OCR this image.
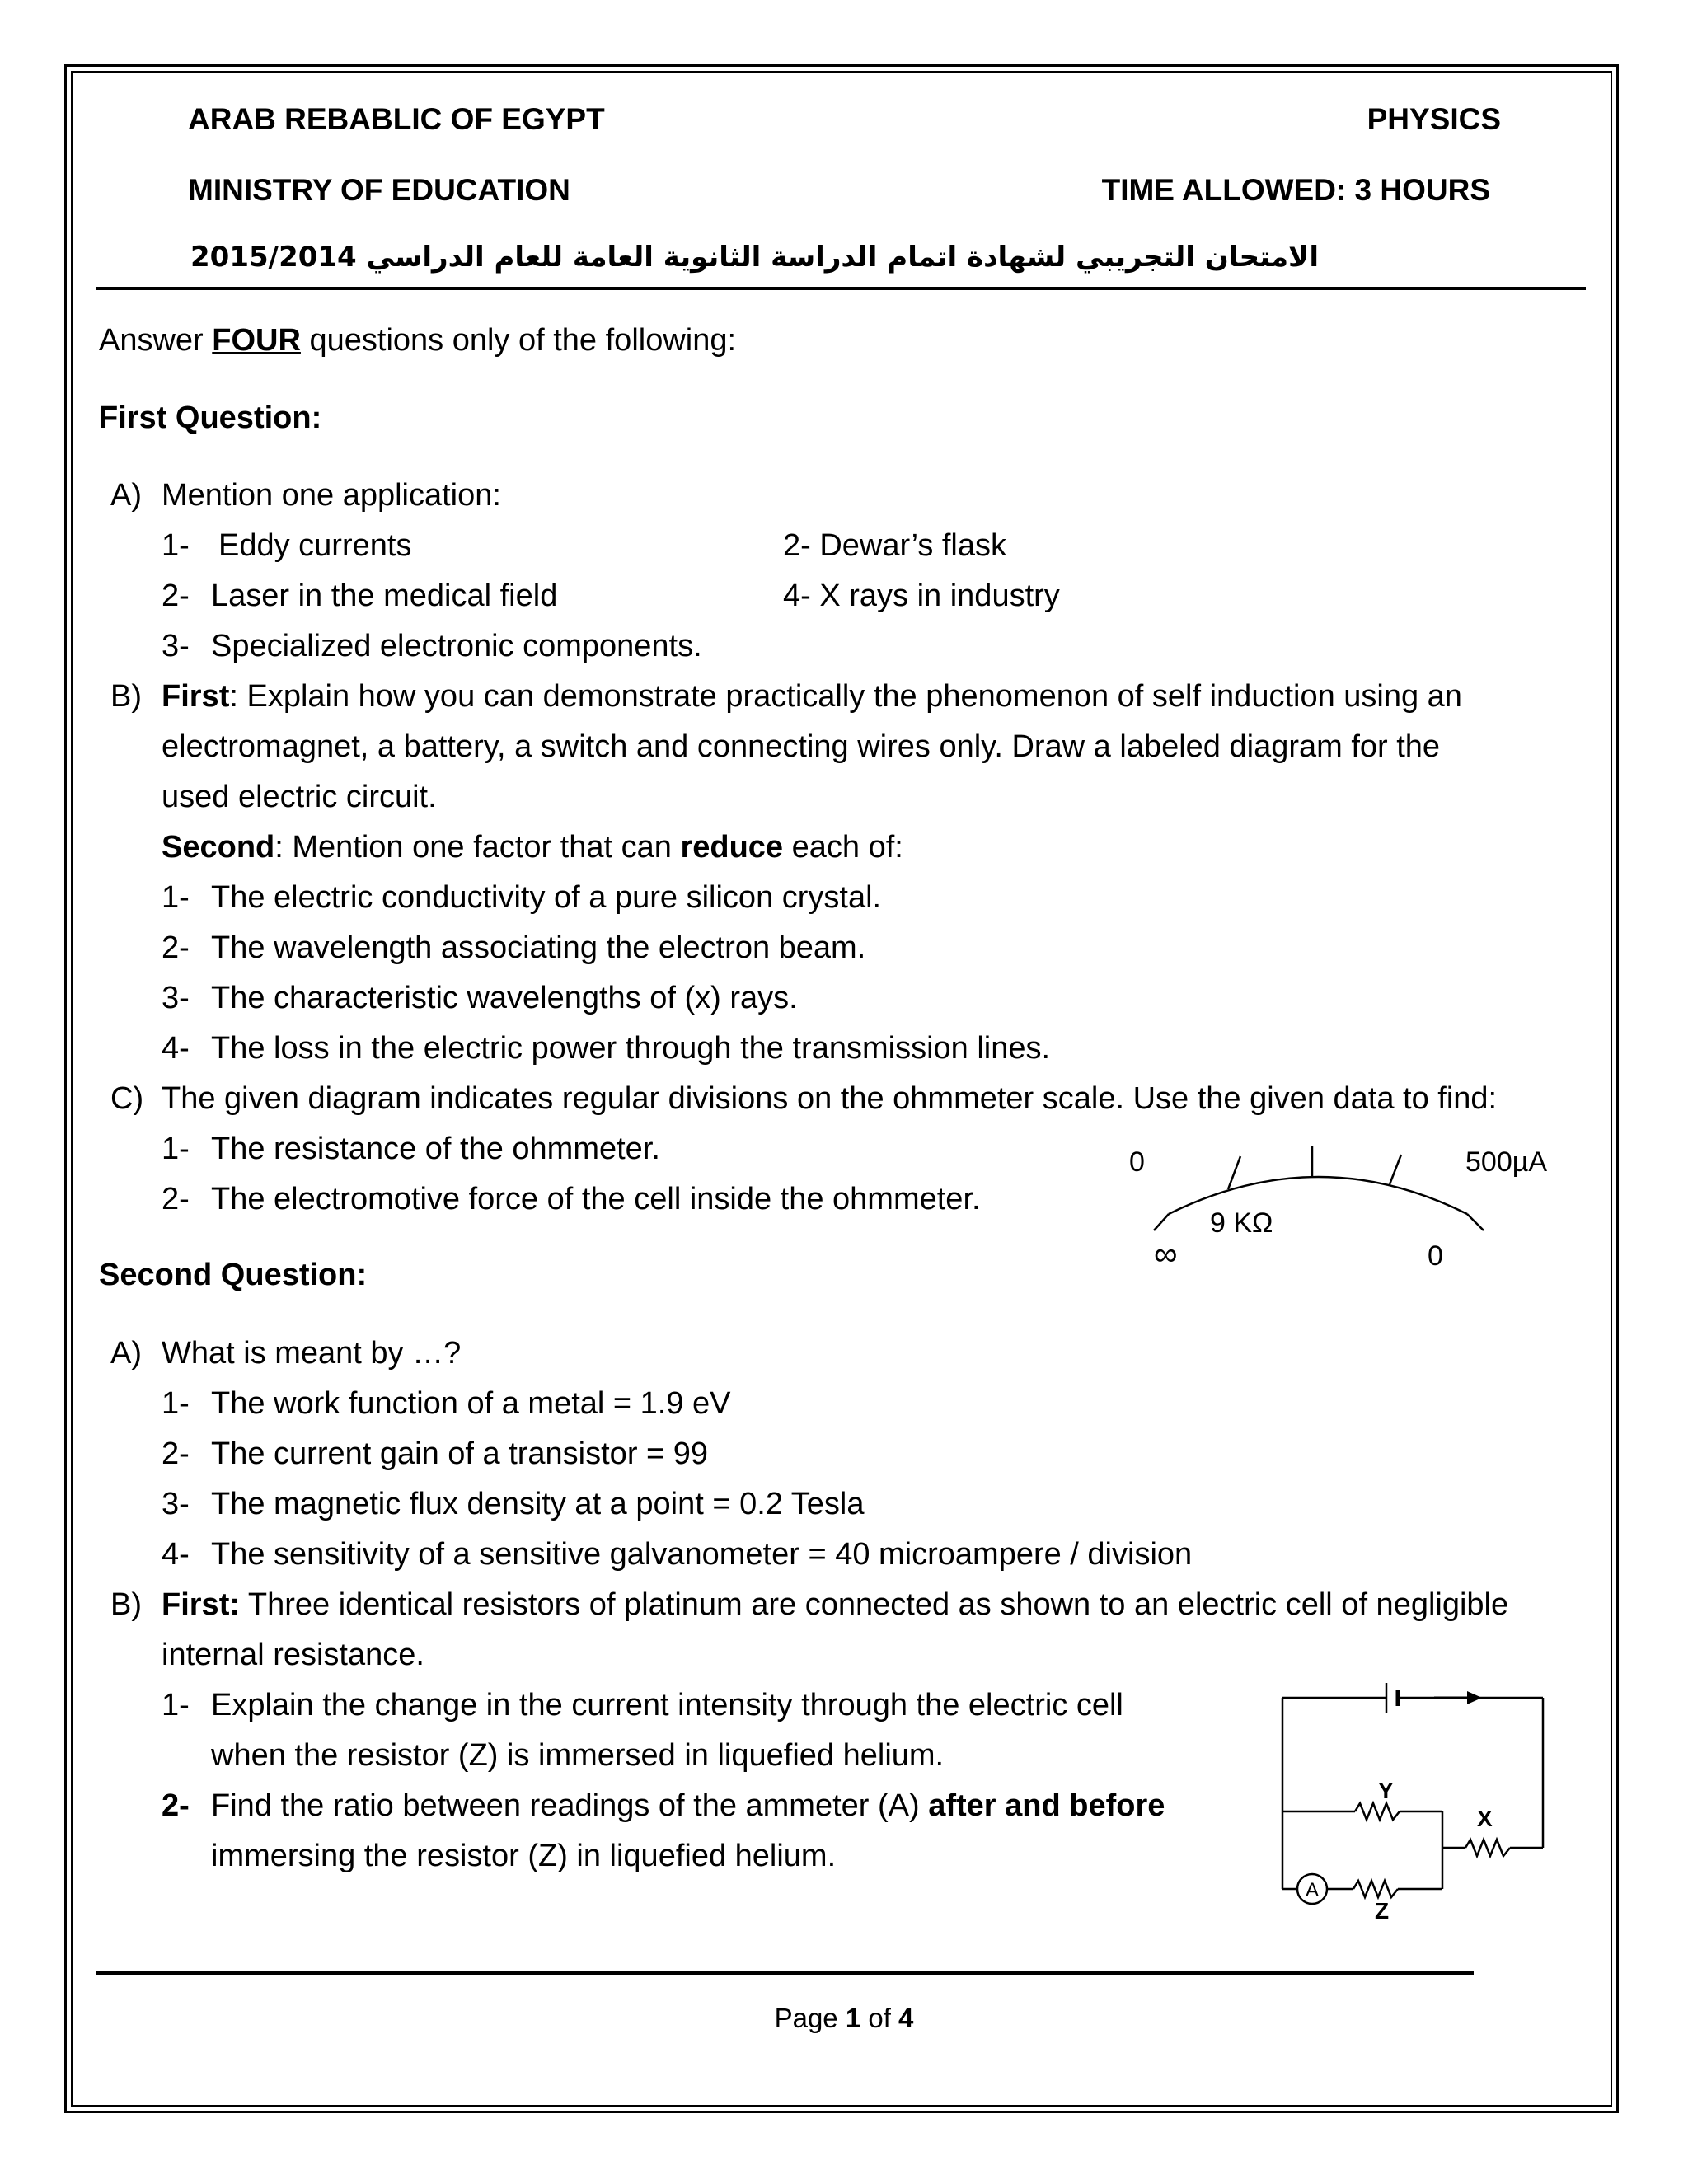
ARAB REBABLIC OF EGYPT	PHYSICS
MINISTRY OF EDUCATION	TIME ALLOWED: 3 HOURS
الامتحان التجريبي لشهادة اتمام الدراسة الثانوية العامة للعام الدراسي 2015/2014
Answer FOUR questions only of the following:
First Question:
A) Mention one application:
1- Eddy currents	2- Dewar’s flask
2- Laser in the medical field	4- X rays in industry
3- Specialized electronic components.
B) First: Explain how you can demonstrate practically the phenomenon of self induction using an
electromagnet, a battery, a switch and connecting wires only. Draw a labeled diagram for the
used electric circuit.
Second: Mention one factor that can reduce each of:
1- The electric conductivity of a pure silicon crystal.
2- The wavelength associating the electron beam.
3- The characteristic wavelengths of (x) rays.
4- The loss in the electric power through the transmission lines.
C) The given diagram indicates regular divisions on the ohmmeter scale. Use the given data to find:
1- The resistance of the ohmmeter.
2- The electromotive force of the cell inside the ohmmeter.
0	500µA
9 KΩ
∞	0
Second Question:
A) What is meant by …?
1- The work function of a metal = 1.9 eV
2- The current gain of a transistor = 99
3- The magnetic flux density at a point = 0.2 Tesla
4- The sensitivity of a sensitive galvanometer = 40 microampere / division
B) First: Three identical resistors of platinum are connected as shown to an electric cell of negligible
internal resistance.
1- Explain the change in the current intensity through the electric cell
when the resistor (Z) is immersed in liquefied helium.
2- Find the ratio between readings of the ammeter (A) after and before
immersing the resistor (Z) in liquefied helium.
Y
X
Z
A
Page 1 of 4
